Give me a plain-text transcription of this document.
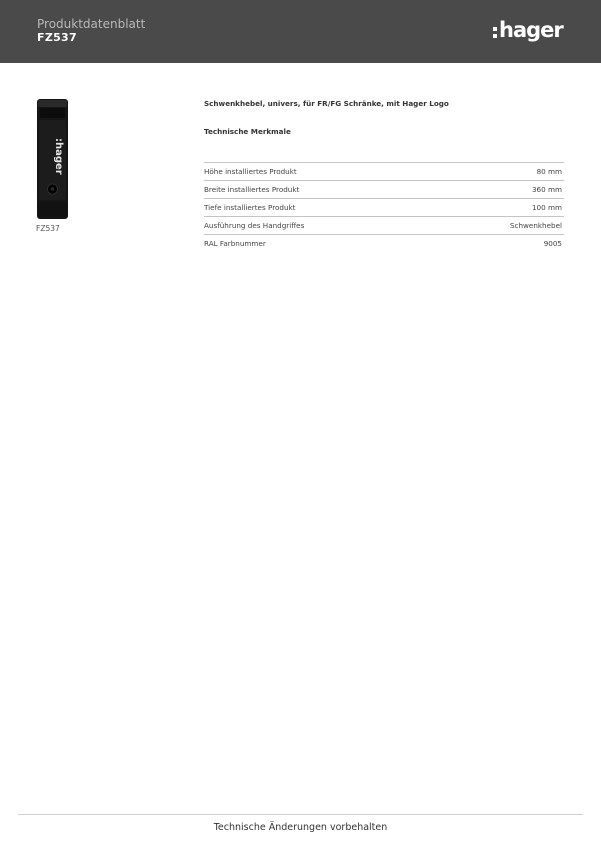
Produktdatenblatt
FZ537	hager
:hager
FZ537
Schwenkhebel, univers, für FR/FG Schränke, mit Hager Logo
Technische Merkmale
Höhe installiertes Produkt	80 mm
Breite installiertes Produkt	360 mm
Tiefe installiertes Produkt	100 mm
Ausführung des Handgriffes	Schwenkhebel
RAL Farbnummer	9005
Technische Änderungen vorbehalten
